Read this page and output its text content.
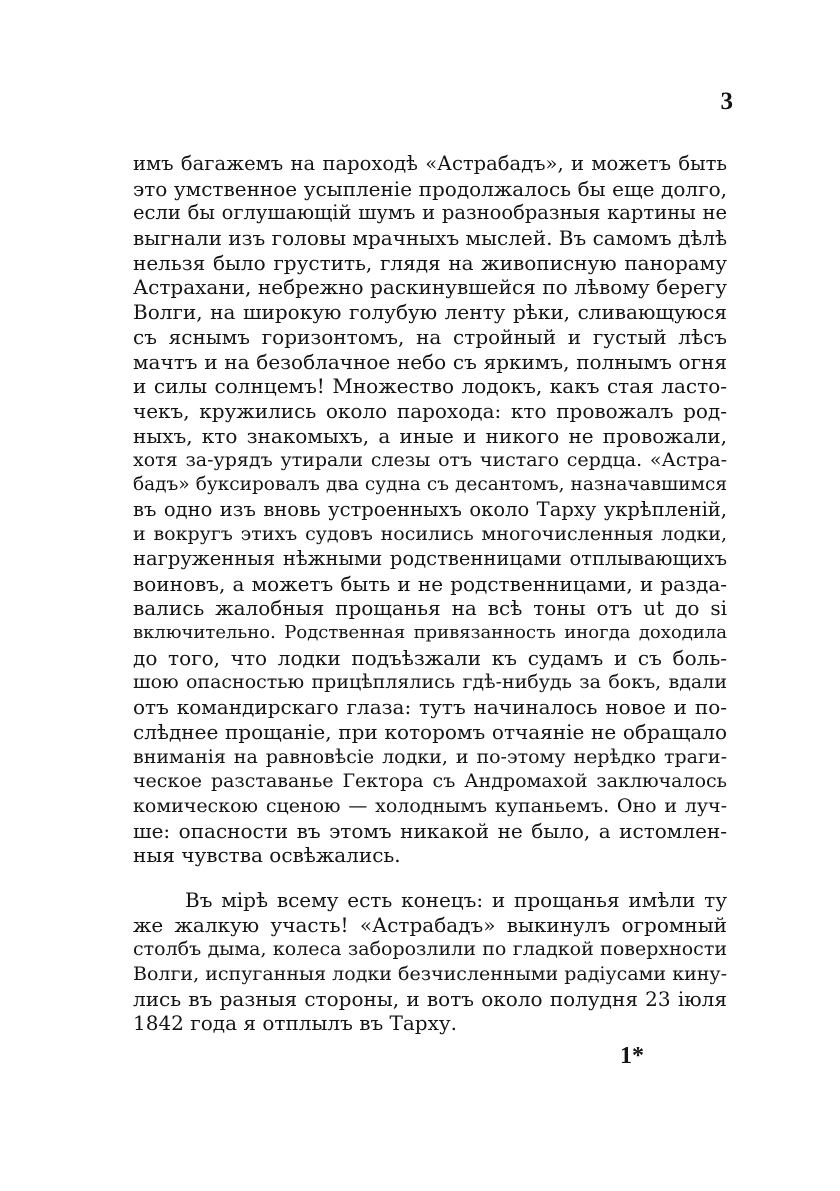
3
имъ багажемъ на пароходѣ «Астрабадъ», и можетъ быть
это умственное усыпленіе продолжалось бы еще долго,
если бы оглушающій шумъ и разнообразныя картины не
выгнали изъ головы мрачныхъ мыслей. Въ самомъ дѣлѣ
нельзя было грустить, глядя на живописную панораму
Астрахани, небрежно раскинувшейся по лѣвому берегу
Волги, на широкую голубую ленту рѣки, сливающуюся
съ яснымъ горизонтомъ, на стройный и густый лѣсъ
мачтъ и на безоблачное небо съ яркимъ, полнымъ огня
и силы солнцемъ! Множество лодокъ, какъ стая ласто-
чекъ, кружились около парохода: кто провожалъ род-
ныхъ, кто знакомыхъ, а иные и никого не провожали,
хотя за-урядъ утирали слезы отъ чистаго сердца. «Астра-
бадъ» буксировалъ два судна съ десантомъ, назначавшимся
въ одно изъ вновь устроенныхъ около Тарху укрѣпленій,
и вокругъ этихъ судовъ носились многочисленныя лодки,
нагруженныя нѣжными родственницами отплывающихъ
воиновъ, а можетъ быть и не родственницами, и разда-
вались жалобныя прощанья на всѣ тоны отъ ut до si
включительно. Родственная привязанность иногда доходила
до того, что лодки подъѣзжали къ судамъ и съ боль-
шою опасностью прицѣплялись гдѣ-нибудь за бокъ, вдали
отъ командирскаго глаза: тутъ начиналось новое и по-
слѣднее прощаніе, при которомъ отчаяніе не обращало
вниманія на равновѣсіе лодки, и по-этому нерѣдко траги-
ческое разставанье Гектора съ Андромахой заключалось
комическою сценою — холоднымъ купаньемъ. Оно и луч-
ше: опасности въ этомъ никакой не было, а истомлен-
ныя чувства освѣжались.
Въ мірѣ всему есть конецъ: и прощанья имѣли ту
же жалкую участь! «Астрабадъ» выкинулъ огромный
столбъ дыма, колеса заборозлили по гладкой поверхности
Волги, испуганныя лодки безчисленными радіусами кину-
лись въ разныя стороны, и вотъ около полудня 23 іюля
1842 года я отплылъ въ Тарху.
1*
